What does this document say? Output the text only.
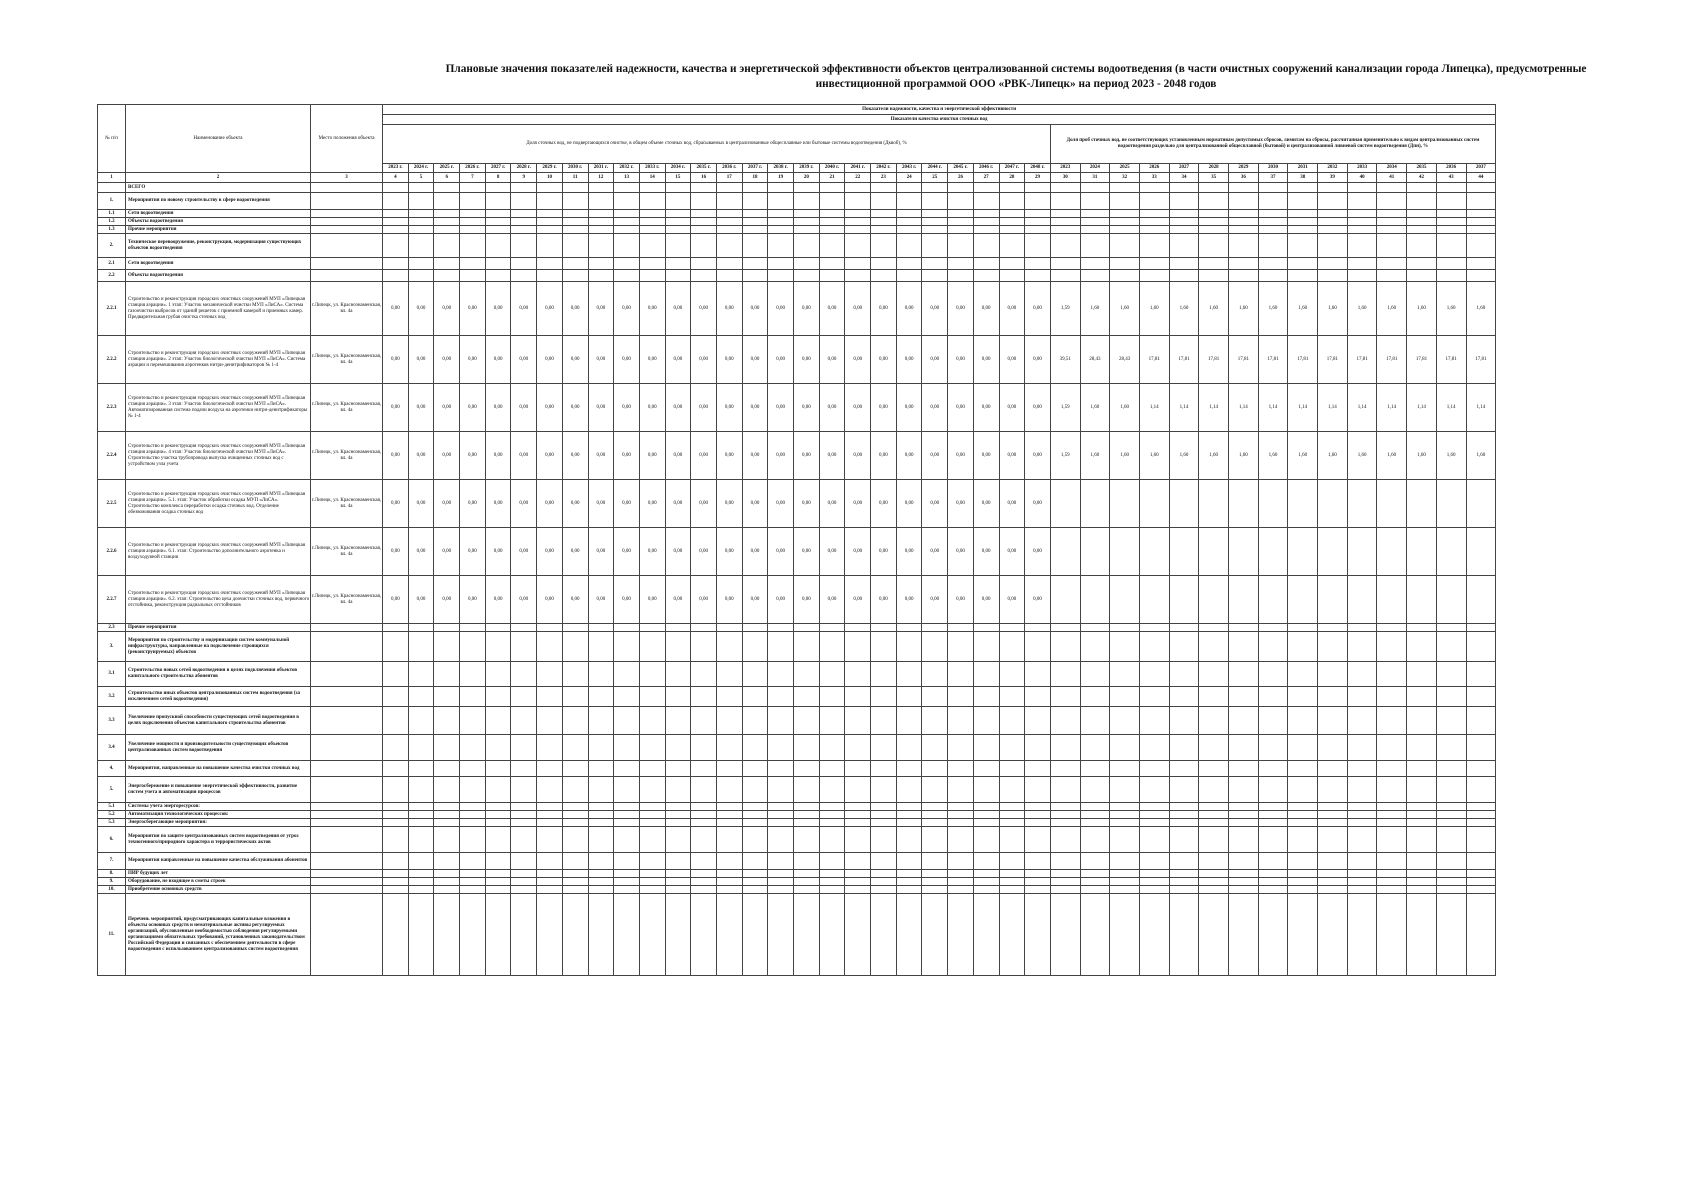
Плановые значения показателей надежности, качества и энергетической эффективности объектов централизованной системы водоотведения (в части очистных сооружений канализации города Липецка), предусмотренные
инвестиционной программой ООО «РВК-Липецк» на период 2023 - 2048 годов
№ п/п	Наименование объекта	Место положения объекта	Показатели надежности, качества и энергетической эффективности																																								
			Показатели качества очистки сточных вод																																								
			Доля сточных вод, не подвергающихся очистке, в общем объеме сточных вод, сбрасываемых в централизованные общесплавные или бытовые системы водоотведения (Дквоб), %																										Доля проб сточных вод, не соответствующих установленным нормативам допустимых сбросов, лимитам на сбросы, рассчитанная применительно к видам централизованных систем водоотведения раздельно для централизованной общесплавной (бытовой) и централизованной ливневой систем водоотведения (Дпн), %														
			2023 г.	2024 г.	2025 г.	2026 г.	2027 г.	2028 г.	2029 г.	2030 г.	2031 г.	2032 г.	2033 г.	2034 г.	2035 г.	2036 г.	2037 г.	2038 г.	2039 г.	2040 г.	2041 г.	2042 г.	2043 г.	2044 г.	2045 г.	2046 г.	2047 г.	2048 г.	2023	2024	2025	2026	2027	2028	2029	2030	2031	2032	2033	2034	2035	2036	2037
1	2	3	4	5	6	7	8	9	10	11	12	13	14	15	16	17	18	19	20	21	22	23	24	25	26	27	28	29	30	31	32	33	34	35	36	37	38	39	40	41	42	43	44
	ВСЕГО																																										
1.	Мероприятия по новому строительству в сфере водоотведения																																										
1.1	Сети водоотведения																																										
1.2	Объекты водоотведения																																										
1.3	Прочие мероприятия																																										
2.	Техническое перевооружение, реконструкция, модернизация существующих объектов водоотведения																																										
2.1	Сети водоотведения																																										
2.2	Объекты водоотведения																																										
2.2.1	Строительство и реконструкция городских очистных сооружений МУП «Липецкая станция аэрации». 1 этап: Участок механической очистки МУП «ЛиСА». Система газоочистки выбросов от зданий решеток с приемной камерой и приемных камер. Предварительная грубая очистка сточных вод	г.Липецк, ул. Краснознаменская, вл. 4а	0,00	0,00	0,00	0,00	0,00	0,00	0,00	0,00	0,00	0,00	0,00	0,00	0,00	0,00	0,00	0,00	0,00	0,00	0,00	0,00	0,00	0,00	0,00	0,00	0,00	0,00	1,59	1,60	1,60	1,60	1,60	1,60	1,60	1,60	1,60	1,60	1,60	1,60	1,60	1,60	1,60
2.2.2	Строительство и реконструкция городских очистных сооружений МУП «Липецкая станция аэрации». 2 этап: Участок биологической очистки МУП «ЛиСА». Система аэрации и перемешивания аэротенков нитри-денитрификаторов № 1-4	г.Липецк, ул. Краснознаменская, вл. 4а	0,00	0,00	0,00	0,00	0,00	0,00	0,00	0,00	0,00	0,00	0,00	0,00	0,00	0,00	0,00	0,00	0,00	0,00	0,00	0,00	0,00	0,00	0,00	0,00	0,00	0,00	39,51	28,43	28,43	17,81	17,81	17,81	17,81	17,81	17,81	17,81	17,81	17,81	17,81	17,81	17,81
2.2.3	Строительство и реконструкция городских очистных сооружений МУП «Липецкая станция аэрации». 3 этап: Участок биологической очистки МУП «ЛиСА». Автоматизированная система подачи воздуха на аэротенки нитри-денитрификаторы № 1-4	г.Липецк, ул. Краснознаменская, вл. 4а	0,00	0,00	0,00	0,00	0,00	0,00	0,00	0,00	0,00	0,00	0,00	0,00	0,00	0,00	0,00	0,00	0,00	0,00	0,00	0,00	0,00	0,00	0,00	0,00	0,00	0,00	1,59	1,60	1,60	1,14	1,14	1,14	1,14	1,14	1,14	1,14	1,14	1,14	1,14	1,14	1,14
2.2.4	Строительство и реконструкция городских очистных сооружений МУП «Липецкая станция аэрации». 4 этап: Участок биологической очистки МУП «ЛиСА». Строительство участка трубопровода выпуска очищенных сточных вод с устройством узла учета	г.Липецк, ул. Краснознаменская, вл. 4а	0,00	0,00	0,00	0,00	0,00	0,00	0,00	0,00	0,00	0,00	0,00	0,00	0,00	0,00	0,00	0,00	0,00	0,00	0,00	0,00	0,00	0,00	0,00	0,00	0,00	0,00	1,59	1,60	1,60	1,60	1,60	1,60	1,60	1,60	1,60	1,60	1,60	1,60	1,60	1,60	1,60
2.2.5	Строительство и реконструкция городских очистных сооружений МУП «Липецкая станция аэрации». 5.1. этап: Участок обработки осадка МУП «ЛиСА». Строительство комплекса переработки осадка сточных вод. Отделение обезвоживания осадка сточных вод	г.Липецк, ул. Краснознаменская, вл. 4а	0,00	0,00	0,00	0,00	0,00	0,00	0,00	0,00	0,00	0,00	0,00	0,00	0,00	0,00	0,00	0,00	0,00	0,00	0,00	0,00	0,00	0,00	0,00	0,00	0,00	0,00															
2.2.6	Строительство и реконструкция городских очистных сооружений МУП «Липецкая станция аэрации». 6.1. этап: Строительство дополнительного аэротенка и воздуходувной станции	г.Липецк, ул. Краснознаменская, вл. 4а	0,00	0,00	0,00	0,00	0,00	0,00	0,00	0,00	0,00	0,00	0,00	0,00	0,00	0,00	0,00	0,00	0,00	0,00	0,00	0,00	0,00	0,00	0,00	0,00	0,00	0,00															
2.2.7	Строительство и реконструкция городских очистных сооружений МУП «Липецкая станция аэрации». 6.2. этап: Строительство цеха доочистки сточных вод, первичного отстойника, реконструкция радиальных отстойников	г.Липецк, ул. Краснознаменская, вл. 4а	0,00	0,00	0,00	0,00	0,00	0,00	0,00	0,00	0,00	0,00	0,00	0,00	0,00	0,00	0,00	0,00	0,00	0,00	0,00	0,00	0,00	0,00	0,00	0,00	0,00	0,00															
2.3	Прочие мероприятия																																										
3.	Мероприятия по строительству и модернизации систем коммунальной инфраструктуры, направленные на подключение строящихся (реконструируемых) объектов																																										
3.1	Строительство новых сетей водоотведения в целях подключения объектов капитального строительства абонентов																																										
3.2	Строительство иных объектов централизованных систем водоотведения (за исключением сетей водоотведения)																																										
3.3	Увеличение пропускной способности существующих сетей водоотведения в целях подключения объектов капитального строительства абонентов																																										
3.4	Увеличение мощности и производительности существующих объектов централизованных систем водоотведения																																										
4.	Мероприятия, направленные на повышение качества очистки сточных вод																																										
5.	Энергосбережение и повышение энергетической эффективности, развитие систем учета и автоматизация процессов																																										
5.1	Системы учета энергоресурсов:																																										
5.2	Автоматизация технологических процессов:																																										
5.3	Энергосберегающие мероприятия:																																										
6.	Мероприятия по защите централизованных систем водоотведения от угроз техногенного/природного характера и террористических актов																																										
7.	Мероприятия направленные на повышение качества обслуживания абонентов																																										
8.	ПИР будущих лет																																										
9.	Оборудование, не входящее в сметы строек																																										
10.	Приобретение основных средств																																										
11.	Перечень мероприятий, предусматривающих капитальные вложения в объекты основных средств и нематериальные активы регулируемых организаций, обусловленные необходимостью соблюдения регулируемыми организациями обязательных требований, установленных законодательством Российской Федерации и связанных с обеспечением деятельности в сфере водоотведения с использованием централизованных систем водоотведения																																										
